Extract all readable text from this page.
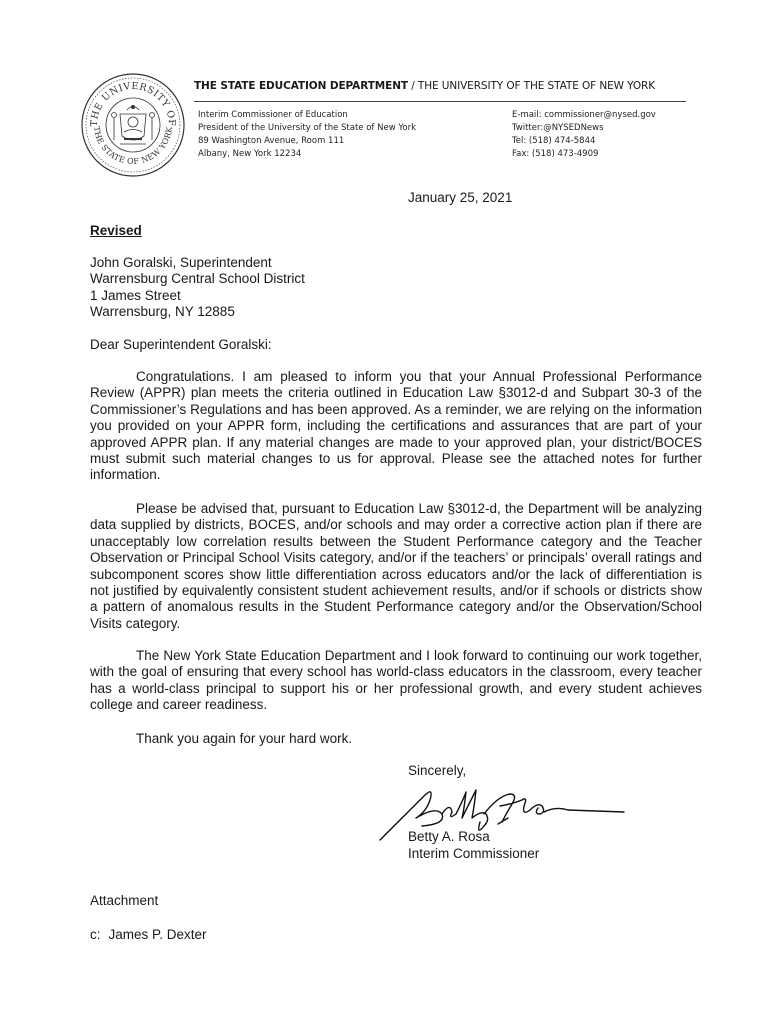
THE UNIVERSITY OF
THE STATE OF NEW YORK
THE STATE EDUCATION DEPARTMENT / THE UNIVERSITY OF THE STATE OF NEW YORK
Interim Commissioner of Education
President of the University of the State of New York
89 Washington Avenue, Room 111
Albany, New York 12234
E-mail: commissioner@nysed.gov
Twitter:@NYSEDNews
Tel: (518) 474-5844
Fax: (518) 473-4909
January 25, 2021
Revised
John Goralski, Superintendent
Warrensburg Central School District
1 James Street
Warrensburg, NY 12885
Dear Superintendent Goralski:

Congratulations. I am pleased to inform you that your Annual Professional Performance Review (APPR) plan meets the criteria outlined in Education Law §3012-d and Subpart 30-3 of the Commissioner’s Regulations and has been approved. As a reminder, we are relying on the information you provided on your APPR form, including the certifications and assurances that are part of your approved APPR plan. If any material changes are made to your approved plan, your district/BOCES must submit such material changes to us for approval. Please see the attached notes for further information.

Please be advised that, pursuant to Education Law §3012-d, the Department will be analyzing data supplied by districts, BOCES, and/or schools and may order a corrective action plan if there are unacceptably low correlation results between the Student Performance category and the Teacher Observation or Principal School Visits category, and/or if the teachers’ or principals’ overall ratings and subcomponent scores show little differentiation across educators and/or the lack of differentiation is not justified by equivalently consistent student achievement results, and/or if schools or districts show a pattern of anomalous results in the Student Performance category and/or the Observation/School Visits category.

The New York State Education Department and I look forward to continuing our work together, with the goal of ensuring that every school has world-class educators in the classroom, every teacher has a world-class principal to support his or her professional growth, and every student achieves college and career readiness.

Thank you again for your hard work.
Sincerely,
Betty A. Rosa
Interim Commissioner
Attachment
c: James P. Dexter
